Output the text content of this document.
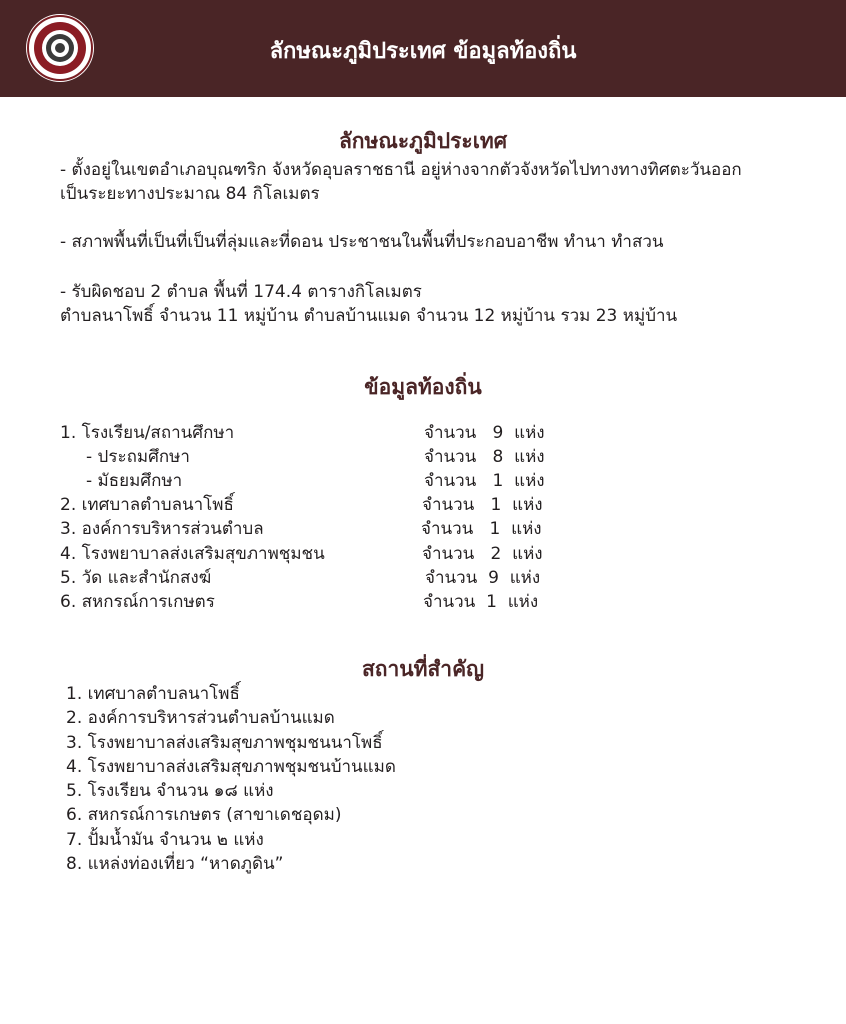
ลักษณะภูมิประเทศ ข้อมูลท้องถิ่น
ลักษณะภูมิประเทศ
- ตั้งอยู่ในเขตอำเภอบุณฑริก จังหวัดอุบลราชธานี อยู่ห่างจากตัวจังหวัดไปทางทางทิศตะวันออก
เป็นระยะทางประมาณ 84 กิโลเมตร
- สภาพพื้นที่เป็นที่เป็นที่ลุ่มและที่ดอน ประชาชนในพื้นที่ประกอบอาชีพ ทำนา ทำสวน
- รับผิดชอบ 2 ตำบล พื้นที่ 174.4 ตารางกิโลเมตร
ตำบลนาโพธิ์ จำนวน 11 หมู่บ้าน ตำบลบ้านแมด จำนวน 12 หมู่บ้าน รวม 23 หมู่บ้าน
ข้อมูลท้องถิ่น
1. โรงเรียน/สถานศึกษา	จำนวน   9  แห่ง
- ประถมศึกษา	จำนวน   8  แห่ง
- มัธยมศึกษา	จำนวน   1  แห่ง
2. เทศบาลตำบลนาโพธิ์	จำนวน   1  แห่ง
3. องค์การบริหารส่วนตำบล	จำนวน   1  แห่ง
4. โรงพยาบาลส่งเสริมสุขภาพชุมชน	จำนวน   2  แห่ง
5. วัด และสำนักสงฆ์	จำนวน  9  แห่ง
6. สหกรณ์การเกษตร	จำนวน  1  แห่ง
สถานที่สำคัญ
1. เทศบาลตำบลนาโพธิ์
2. องค์การบริหารส่วนตำบลบ้านแมด
3. โรงพยาบาลส่งเสริมสุขภาพชุมชนนาโพธิ์
4. โรงพยาบาลส่งเสริมสุขภาพชุมชนบ้านแมด
5. โรงเรียน จำนวน ๑๘ แห่ง
6. สหกรณ์การเกษตร (สาขาเดชอุดม)
7. ปั้มน้ำมัน จำนวน ๒ แห่ง
8. แหล่งท่องเที่ยว “หาดภูดิน”
